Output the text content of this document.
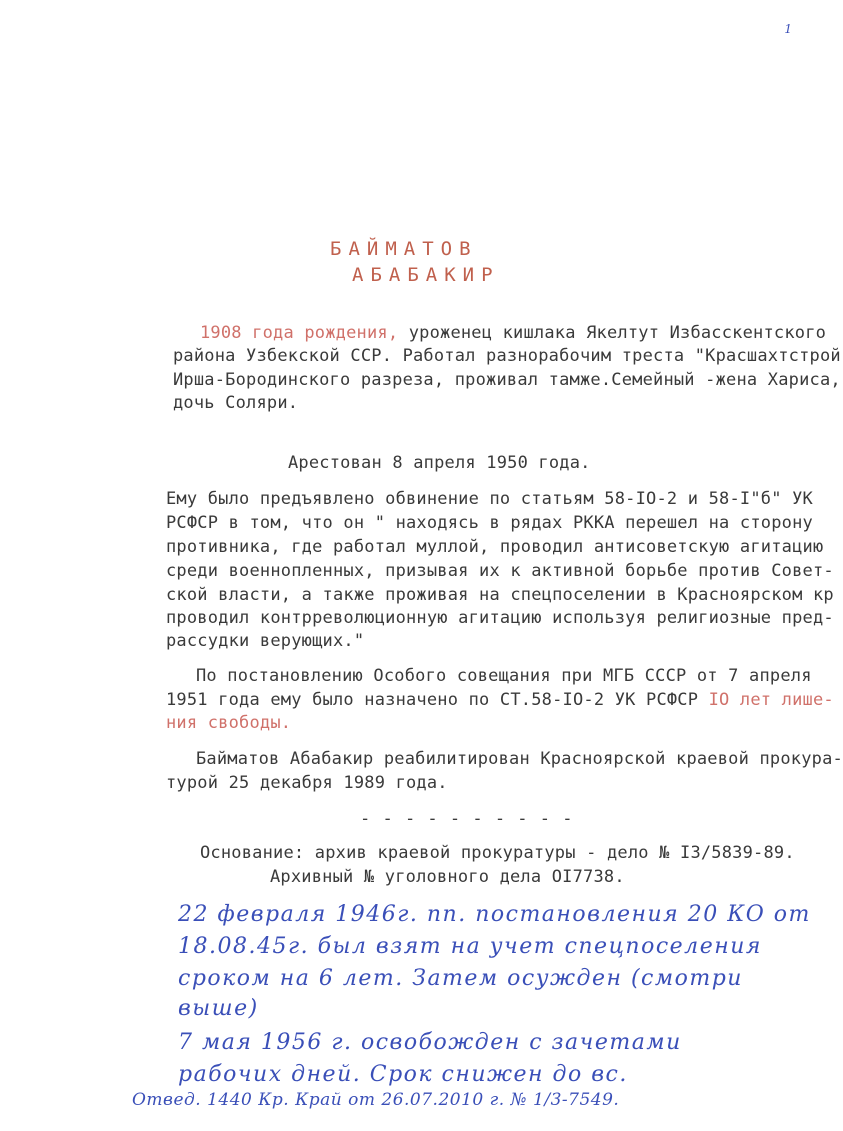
1
БАЙМАТОВ
АБАБАКИР
1908 года рождения, уроженец кишлака Якелтут Избасскентского
района Узбекской ССР. Работал разнорабочим треста "Крaсшахтстрой
Ирша-Бородинского разреза, проживал тамже.Семейный -жена Хариса,
дочь Соляри.
Арестован 8 апреля 1950 года.
Ему было предъявлено обвинение по статьям 58-IO-2 и 58-I"б" УК
РСФСР в том, что он " находясь в рядах РККА перешел на сторону
противника, где работал муллой, проводил антисоветскую агитацию
среди военнопленных, призывая их к активной борьбе против Совет-
ской власти, а также проживая на спецпоселении в Красноярском кр
проводил контрреволюционную агитацию используя религиозные пред-
рассудки верующих."
По постановлению Особого совещания при МГБ СССР от 7 апреля
1951 года ему было назначено по СТ.58-IO-2 УК РСФСР IO лет лише-
ния свободы.
Байматов Абабакир реабилитирован Красноярской краевой прокура-
турой 25 декабря 1989 года.
- - - - - - - - - -
Основание: архив краевой прокуратуры - дело № I3/5839-89.
Архивный № уголовного дела OI7738.
22 февраля 1946г. пп. постановления 20 КО от
18.08.45г. был взят на учет спецпоселения
сроком на 6 лет. Затем осужден (смотри
выше)
7 мая 1956 г. освобожден с зачетами
рабочих дней. Срок снижен до вс.
Отвед. 1440 Кр. Край от 26.07.2010 г. № 1/3-7549.
